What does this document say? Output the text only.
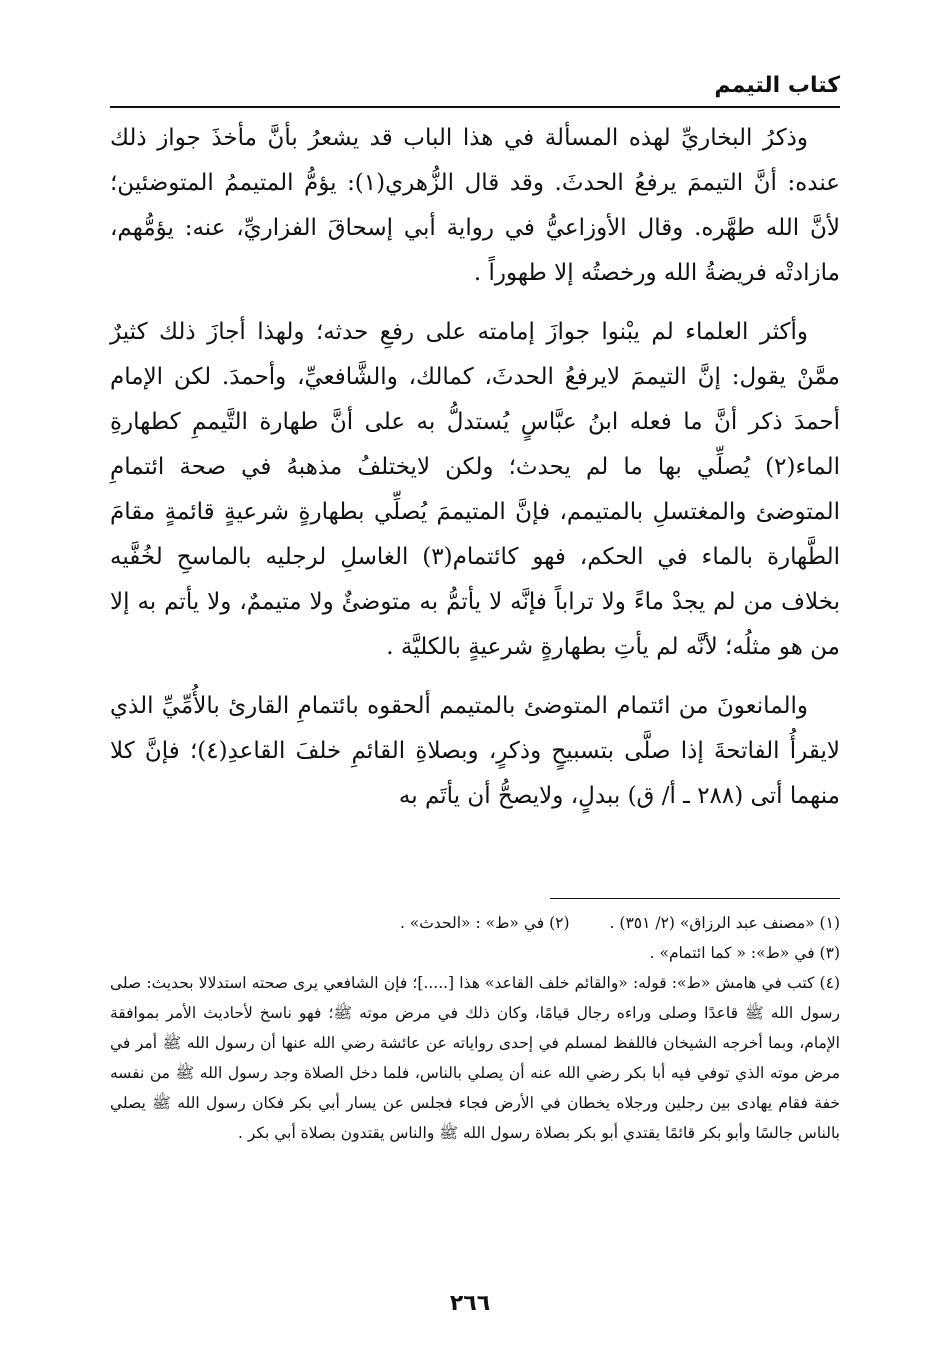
كتاب التيمم

وذكرُ البخاريِّ لهذه المسألة في هذا الباب قد يشعرُ بأنَّ مأخذَ جواز ذلك عنده: أنَّ التيممَ يرفعُ الحدثَ. وقد قال الزُّهري(١): يؤمُّ المتيممُ المتوضئين؛ لأنَّ الله طهَّره. وقال الأوزاعيُّ في رواية أبي إسحاقَ الفزاريِّ، عنه: يؤمُّهم، مازادتْه فريضةُ الله ورخصتُه إلا طهوراً .

وأكثر العلماء لم يبْنوا جوازَ إمامته على رفعِ حدثه؛ ولهذا أجازَ ذلك كثيرٌ ممَّنْ يقول: إنَّ التيممَ لايرفعُ الحدثَ، كمالك، والشَّافعيِّ، وأحمدَ. لكن الإمام أحمدَ ذكر أنَّ ما فعله ابنُ عبَّاسٍ يُستدلُّ به على أنَّ طهارة التَّيممِ كطهارةِ الماء(٢) يُصلِّي بها ما لم يحدث؛ ولكن لايختلفُ مذهبهُ في صحة ائتمامِ المتوضئ والمغتسلِ بالمتيمم، فإنَّ المتيممَ يُصلِّي بطهارةٍ شرعيةٍ قائمةٍ مقامَ الطَّهارة بالماء في الحكم، فهو كائتمام(٣) الغاسلِ لرجليه بالماسحِ لخُفَّيه بخلاف من لم يجدْ ماءً ولا تراباً فإنَّه لا يأتمُّ به متوضئٌ ولا متيممٌ، ولا يأتم به إلا من هو مثلُه؛ لأنَّه لم يأتِ بطهارةٍ شرعيةٍ بالكليَّة .

والمانعونَ من ائتمام المتوضئ بالمتيمم ألحقوه بائتمامِ القارئ بالأُمِّيِّ الذي لايقرأُ الفاتحةَ إذا صلَّى بتسبيحٍ وذكرٍ، وبصلاةِ القائمِ خلفَ القاعدِ(٤)؛ فإنَّ كلا منهما أتى (٢٨٨ ـ أ/ ق) ببدلٍ، ولايصحُّ أن يأتَم به

(١) «مصنف عبد الرزاق» (٢/ ٣٥١) .
(٢) في «ط» : «الحدث» .
(٣) في «ط»: « كما ائتمام» .
(٤) كتب في هامش «ط»: قوله: «والقائم خلف القاعد» هذا [.....]؛ فإن الشافعي يرى صحته استدلالا بحديث: صلى رسول الله ﷺ قاعدًا وصلى وراءه رجال قيامًا، وكان ذلك في مرض موته ﷺ؛ فهو ناسخ لأحاديث الأمر بموافقة الإمام، وبما أخرجه الشيخان فاللفظ لمسلم في إحدى رواياته عن عائشة رضي الله عنها أن رسول الله ﷺ أمر في مرض موته الذي توفي فيه أبا بكر رضي الله عنه أن يصلي بالناس، فلما دخل الصلاة وجد رسول الله ﷺ من نفسه خفة فقام يهادى بين رجلين ورجلاه يخطان في الأرض فجاء فجلس عن يسار أبي بكر فكان رسول الله ﷺ يصلي بالناس جالسًا وأبو بكر قائمًا يقتدي أبو بكر بصلاة رسول الله ﷺ والناس يقتدون بصلاة أبي بكر .
٢٦٦
